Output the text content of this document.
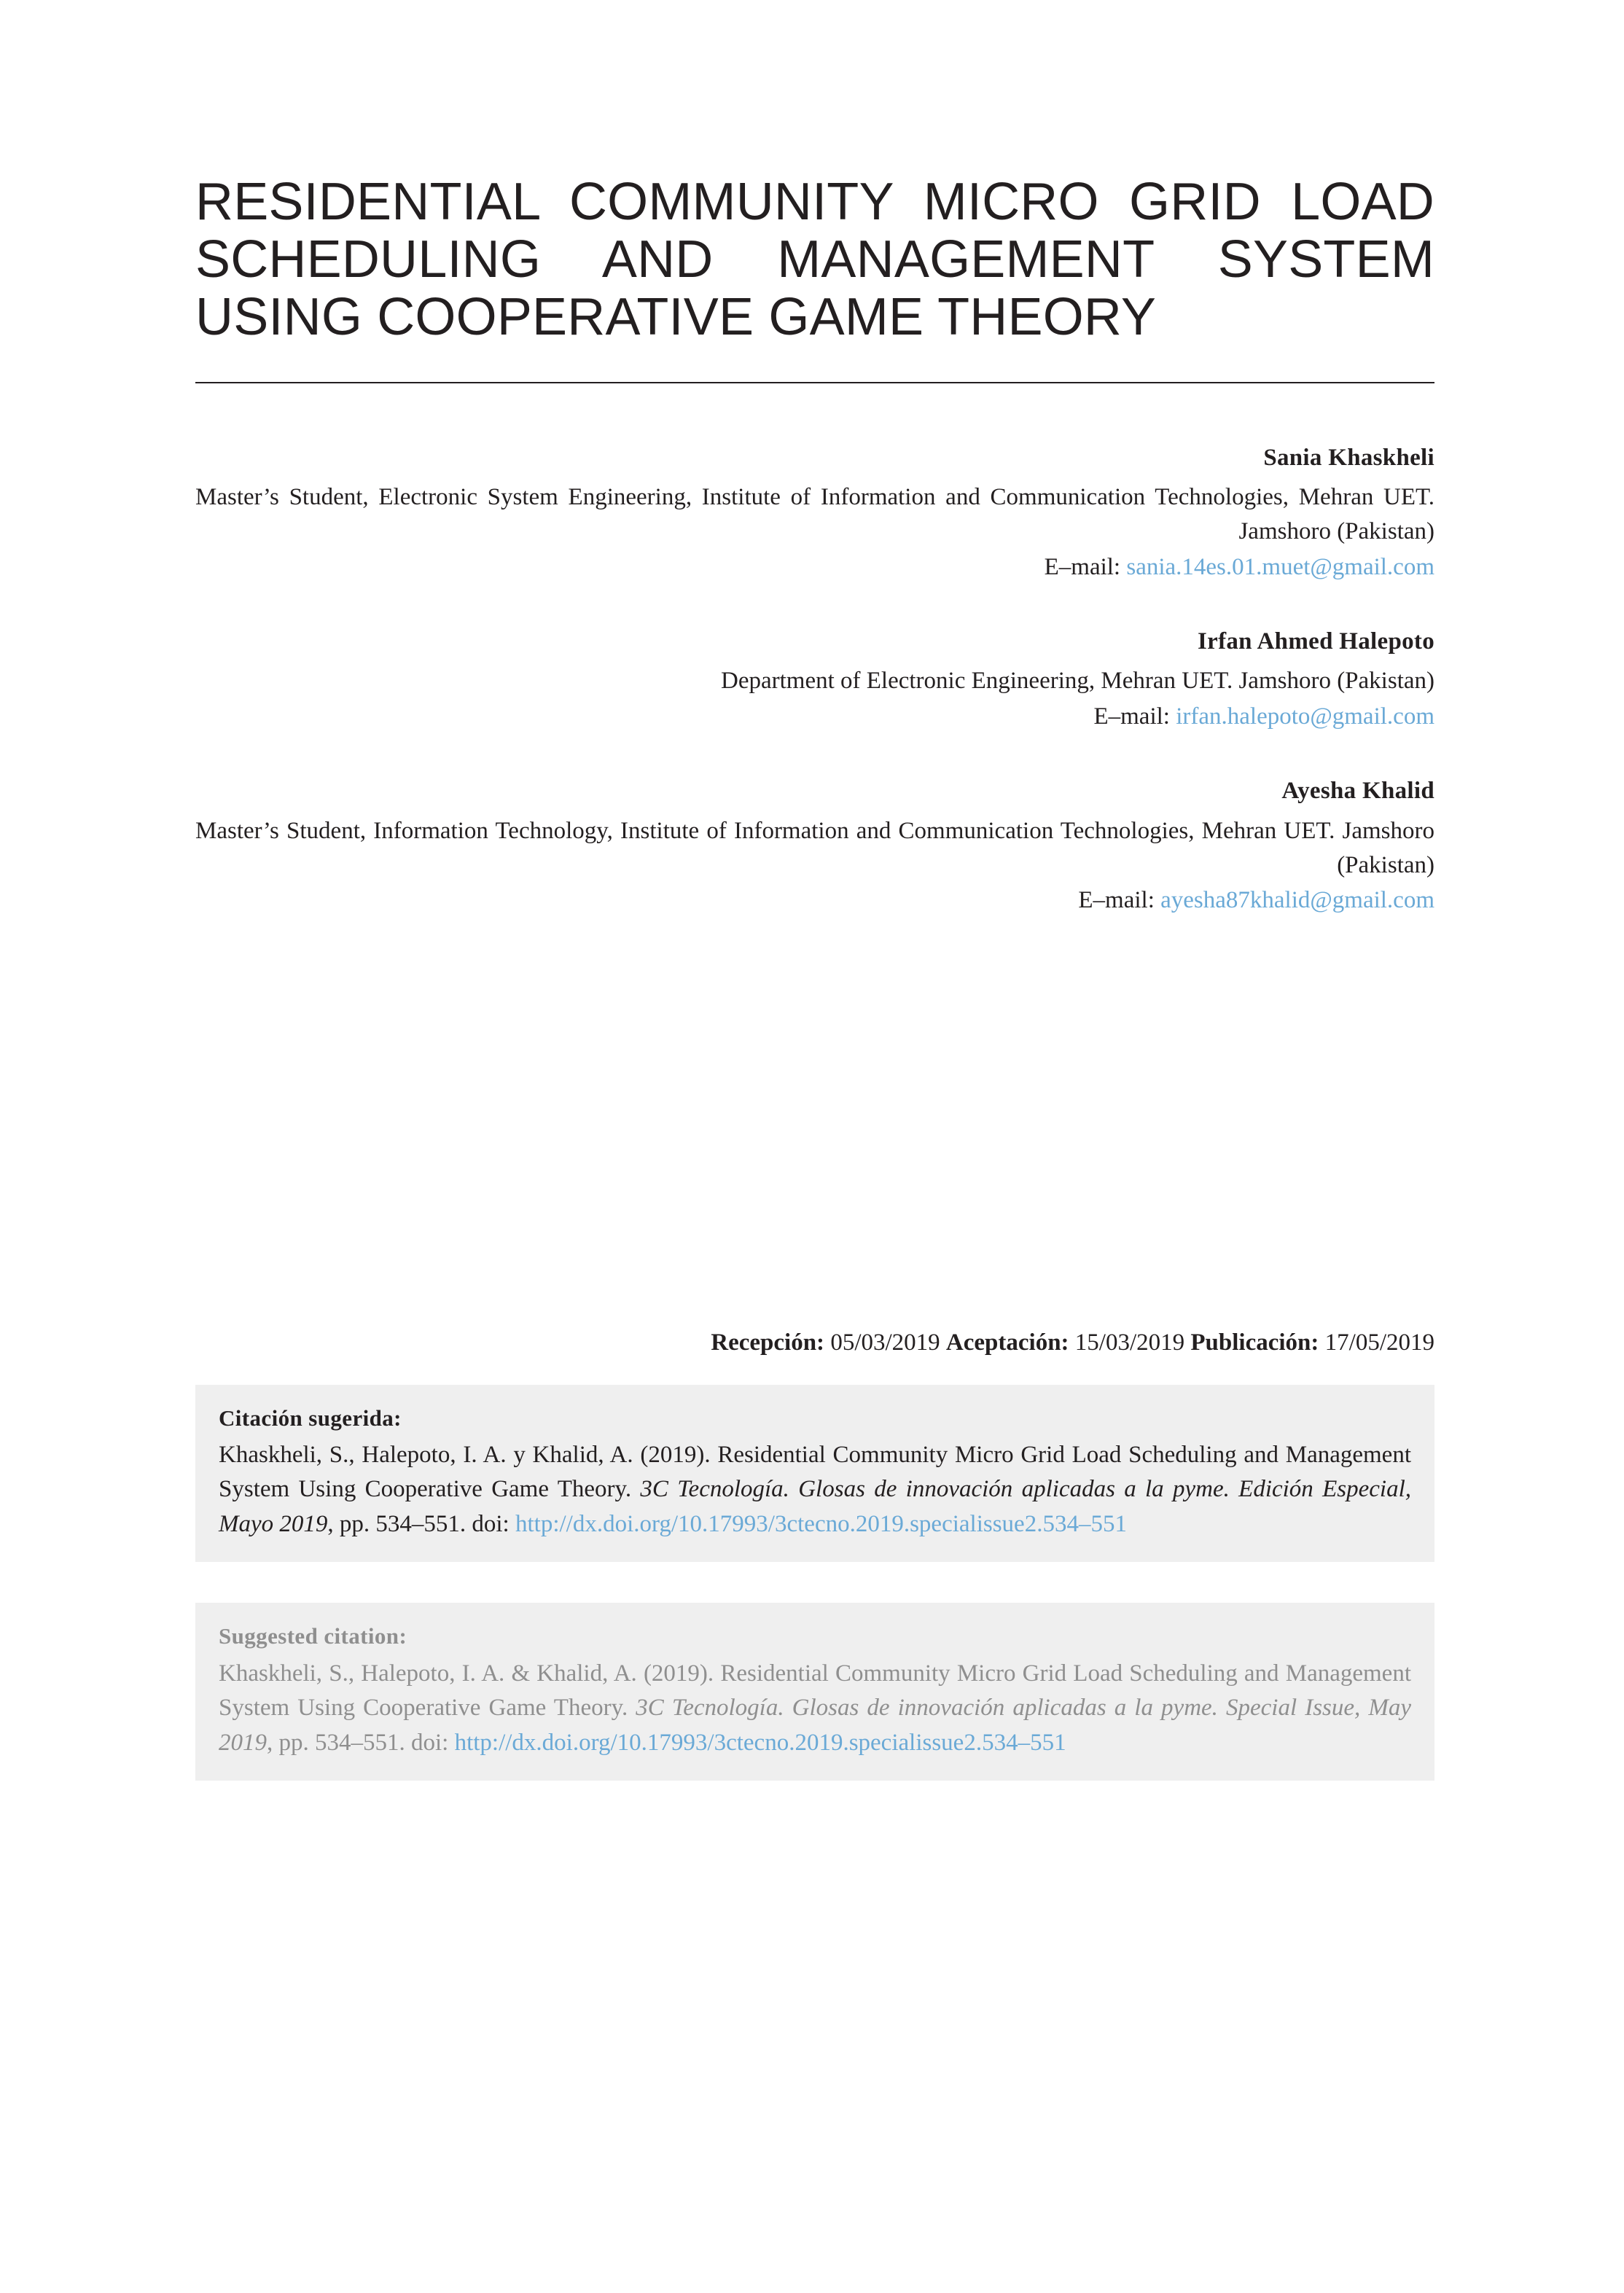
RESIDENTIAL COMMUNITY MICRO GRID LOAD SCHEDULING AND MANAGEMENT SYSTEM USING COOPERATIVE GAME THEORY
Sania Khaskheli
Master’s Student, Electronic System Engineering, Institute of Information and Communication Technologies, Mehran UET. Jamshoro (Pakistan)
E–mail: sania.14es.01.muet@gmail.com
Irfan Ahmed Halepoto
Department of Electronic Engineering, Mehran UET. Jamshoro (Pakistan)
E–mail: irfan.halepoto@gmail.com
Ayesha Khalid
Master’s Student, Information Technology, Institute of Information and Communication Technologies, Mehran UET. Jamshoro (Pakistan)
E–mail: ayesha87khalid@gmail.com
Recepción: 05/03/2019 Aceptación: 15/03/2019 Publicación: 17/05/2019
Citación sugerida:
Khaskheli, S., Halepoto, I. A. y Khalid, A. (2019). Residential Community Micro Grid Load Scheduling and Management System Using Cooperative Game Theory. 3C Tecnología. Glosas de innovación aplicadas a la pyme. Edición Especial, Mayo 2019, pp. 534–551. doi: http://dx.doi.org/10.17993/3ctecno.2019.specialissue2.534–551
Suggested citation:
Khaskheli, S., Halepoto, I. A. & Khalid, A. (2019). Residential Community Micro Grid Load Scheduling and Management System Using Cooperative Game Theory. 3C Tecnología. Glosas de innovación aplicadas a la pyme. Special Issue, May 2019, pp. 534–551. doi: http://dx.doi.org/10.17993/3ctecno.2019.specialissue2.534–551
